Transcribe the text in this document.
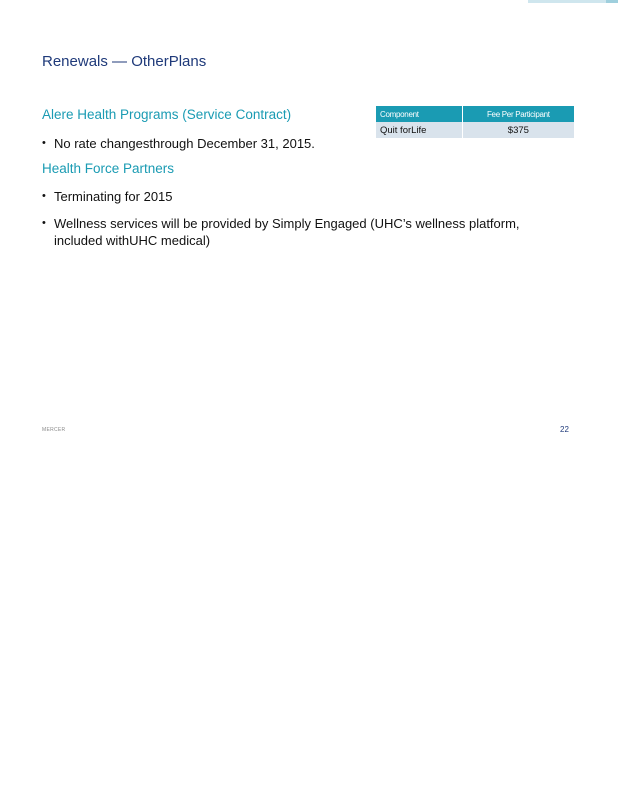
Renewals — OtherPlans
Alere Health Programs (Service Contract)
• No rate changesthrough December 31, 2015.
Health Force Partners
• Terminating for 2015
• Wellness services will be provided by Simply Engaged (UHC’s wellness platform, included withUHC medical)
Component	Fee Per Participant
Quit forLife	$375
MERCER	22
